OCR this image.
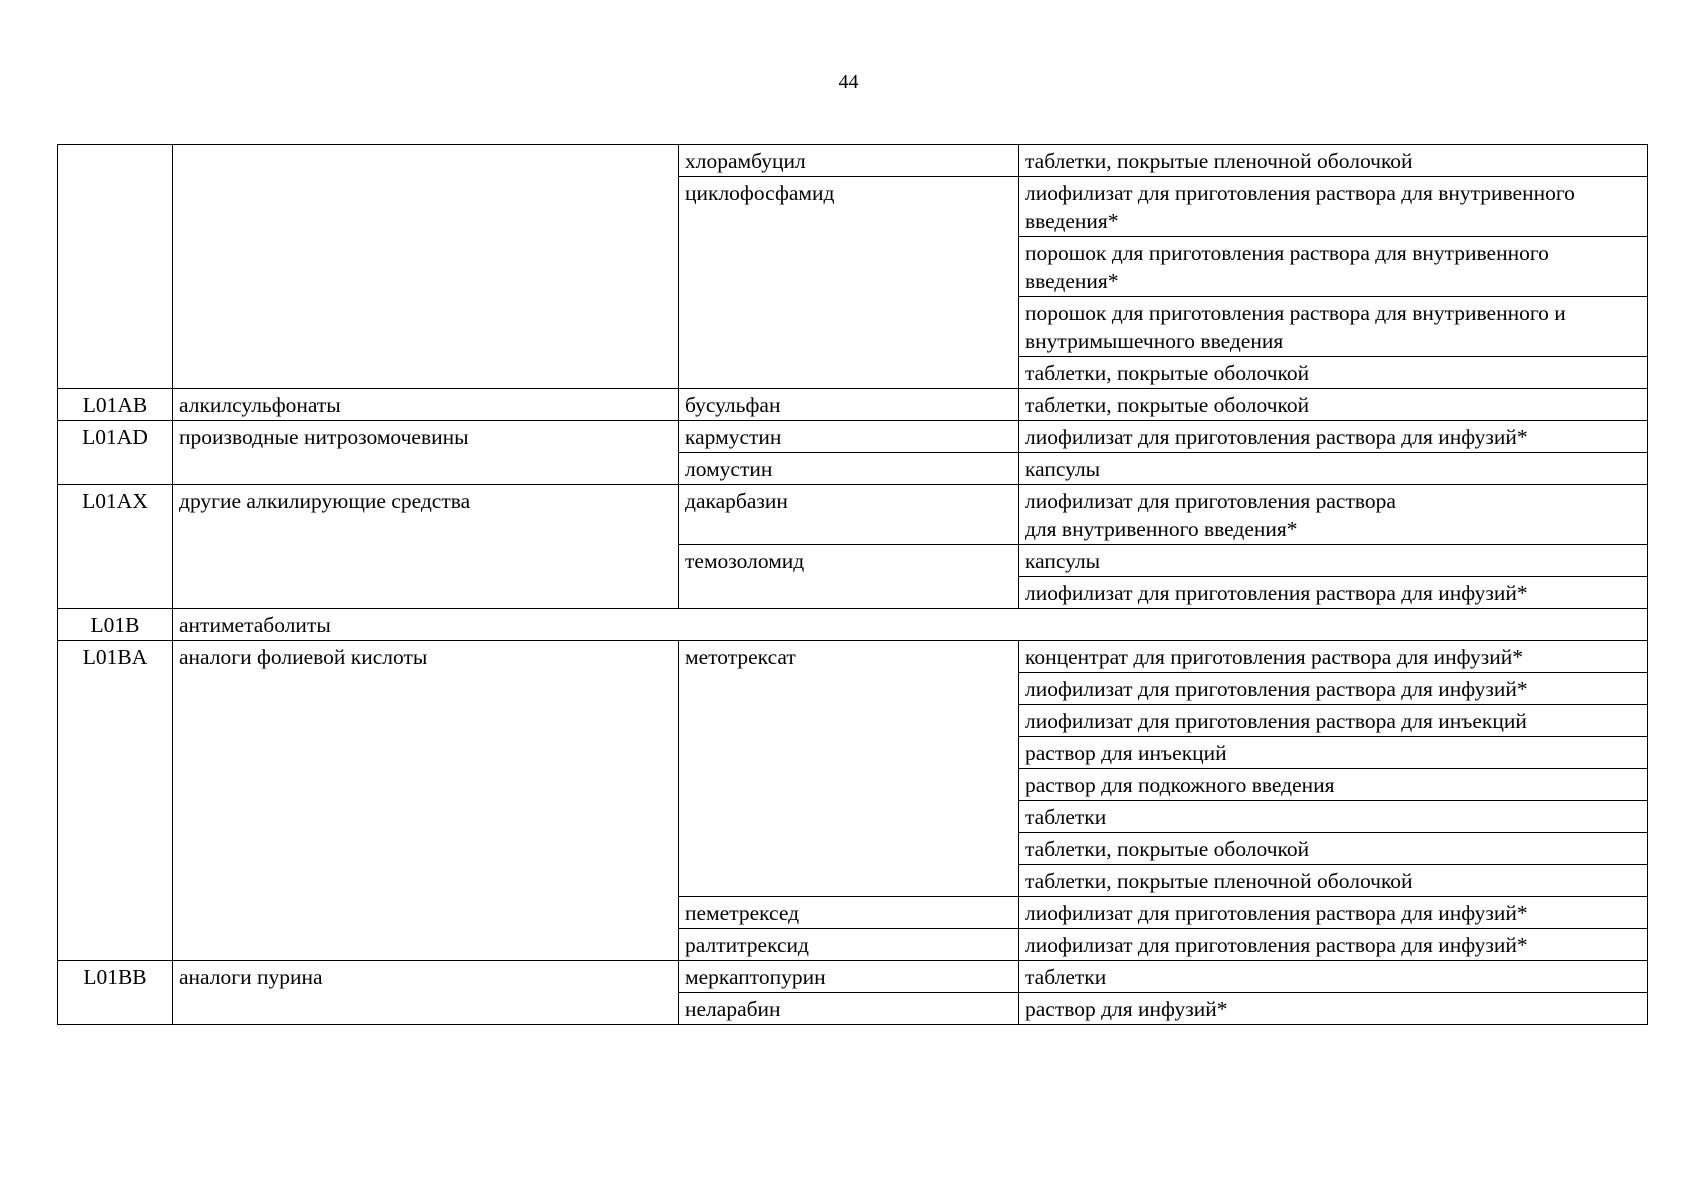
44
		хлорамбуцил	таблетки, покрытые пленочной оболочкой
		циклофосфамид	лиофилизат для приготовления раствора для внутривенного введения*
			порошок для приготовления раствора для внутривенного введения*
			порошок для приготовления раствора для внутривенного и внутримышечного введения
			таблетки, покрытые оболочкой
L01AB	алкилсульфонаты	бусульфан	таблетки, покрытые оболочкой
L01AD	производные нитрозомочевины	кармустин	лиофилизат для приготовления раствора для инфузий*
		ломустин	капсулы
L01AX	другие алкилирующие средства	дакарбазин	лиофилизат для приготовления раствора
для внутривенного введения*

		темозоломид	капсулы
			лиофилизат для приготовления раствора для инфузий*
L01B	антиметаболиты		
L01BA	аналоги фолиевой кислоты	метотрексат	концентрат для приготовления раствора для инфузий*
			лиофилизат для приготовления раствора для инфузий*
			лиофилизат для приготовления раствора для инъекций
			раствор для инъекций
			раствор для подкожного введения
			таблетки
			таблетки, покрытые оболочкой
			таблетки, покрытые пленочной оболочкой
		пеметрексед	лиофилизат для приготовления раствора для инфузий*
		ралтитрексид	лиофилизат для приготовления раствора для инфузий*
L01BB	аналоги пурина	меркаптопурин	таблетки
		неларабин	раствор для инфузий*
